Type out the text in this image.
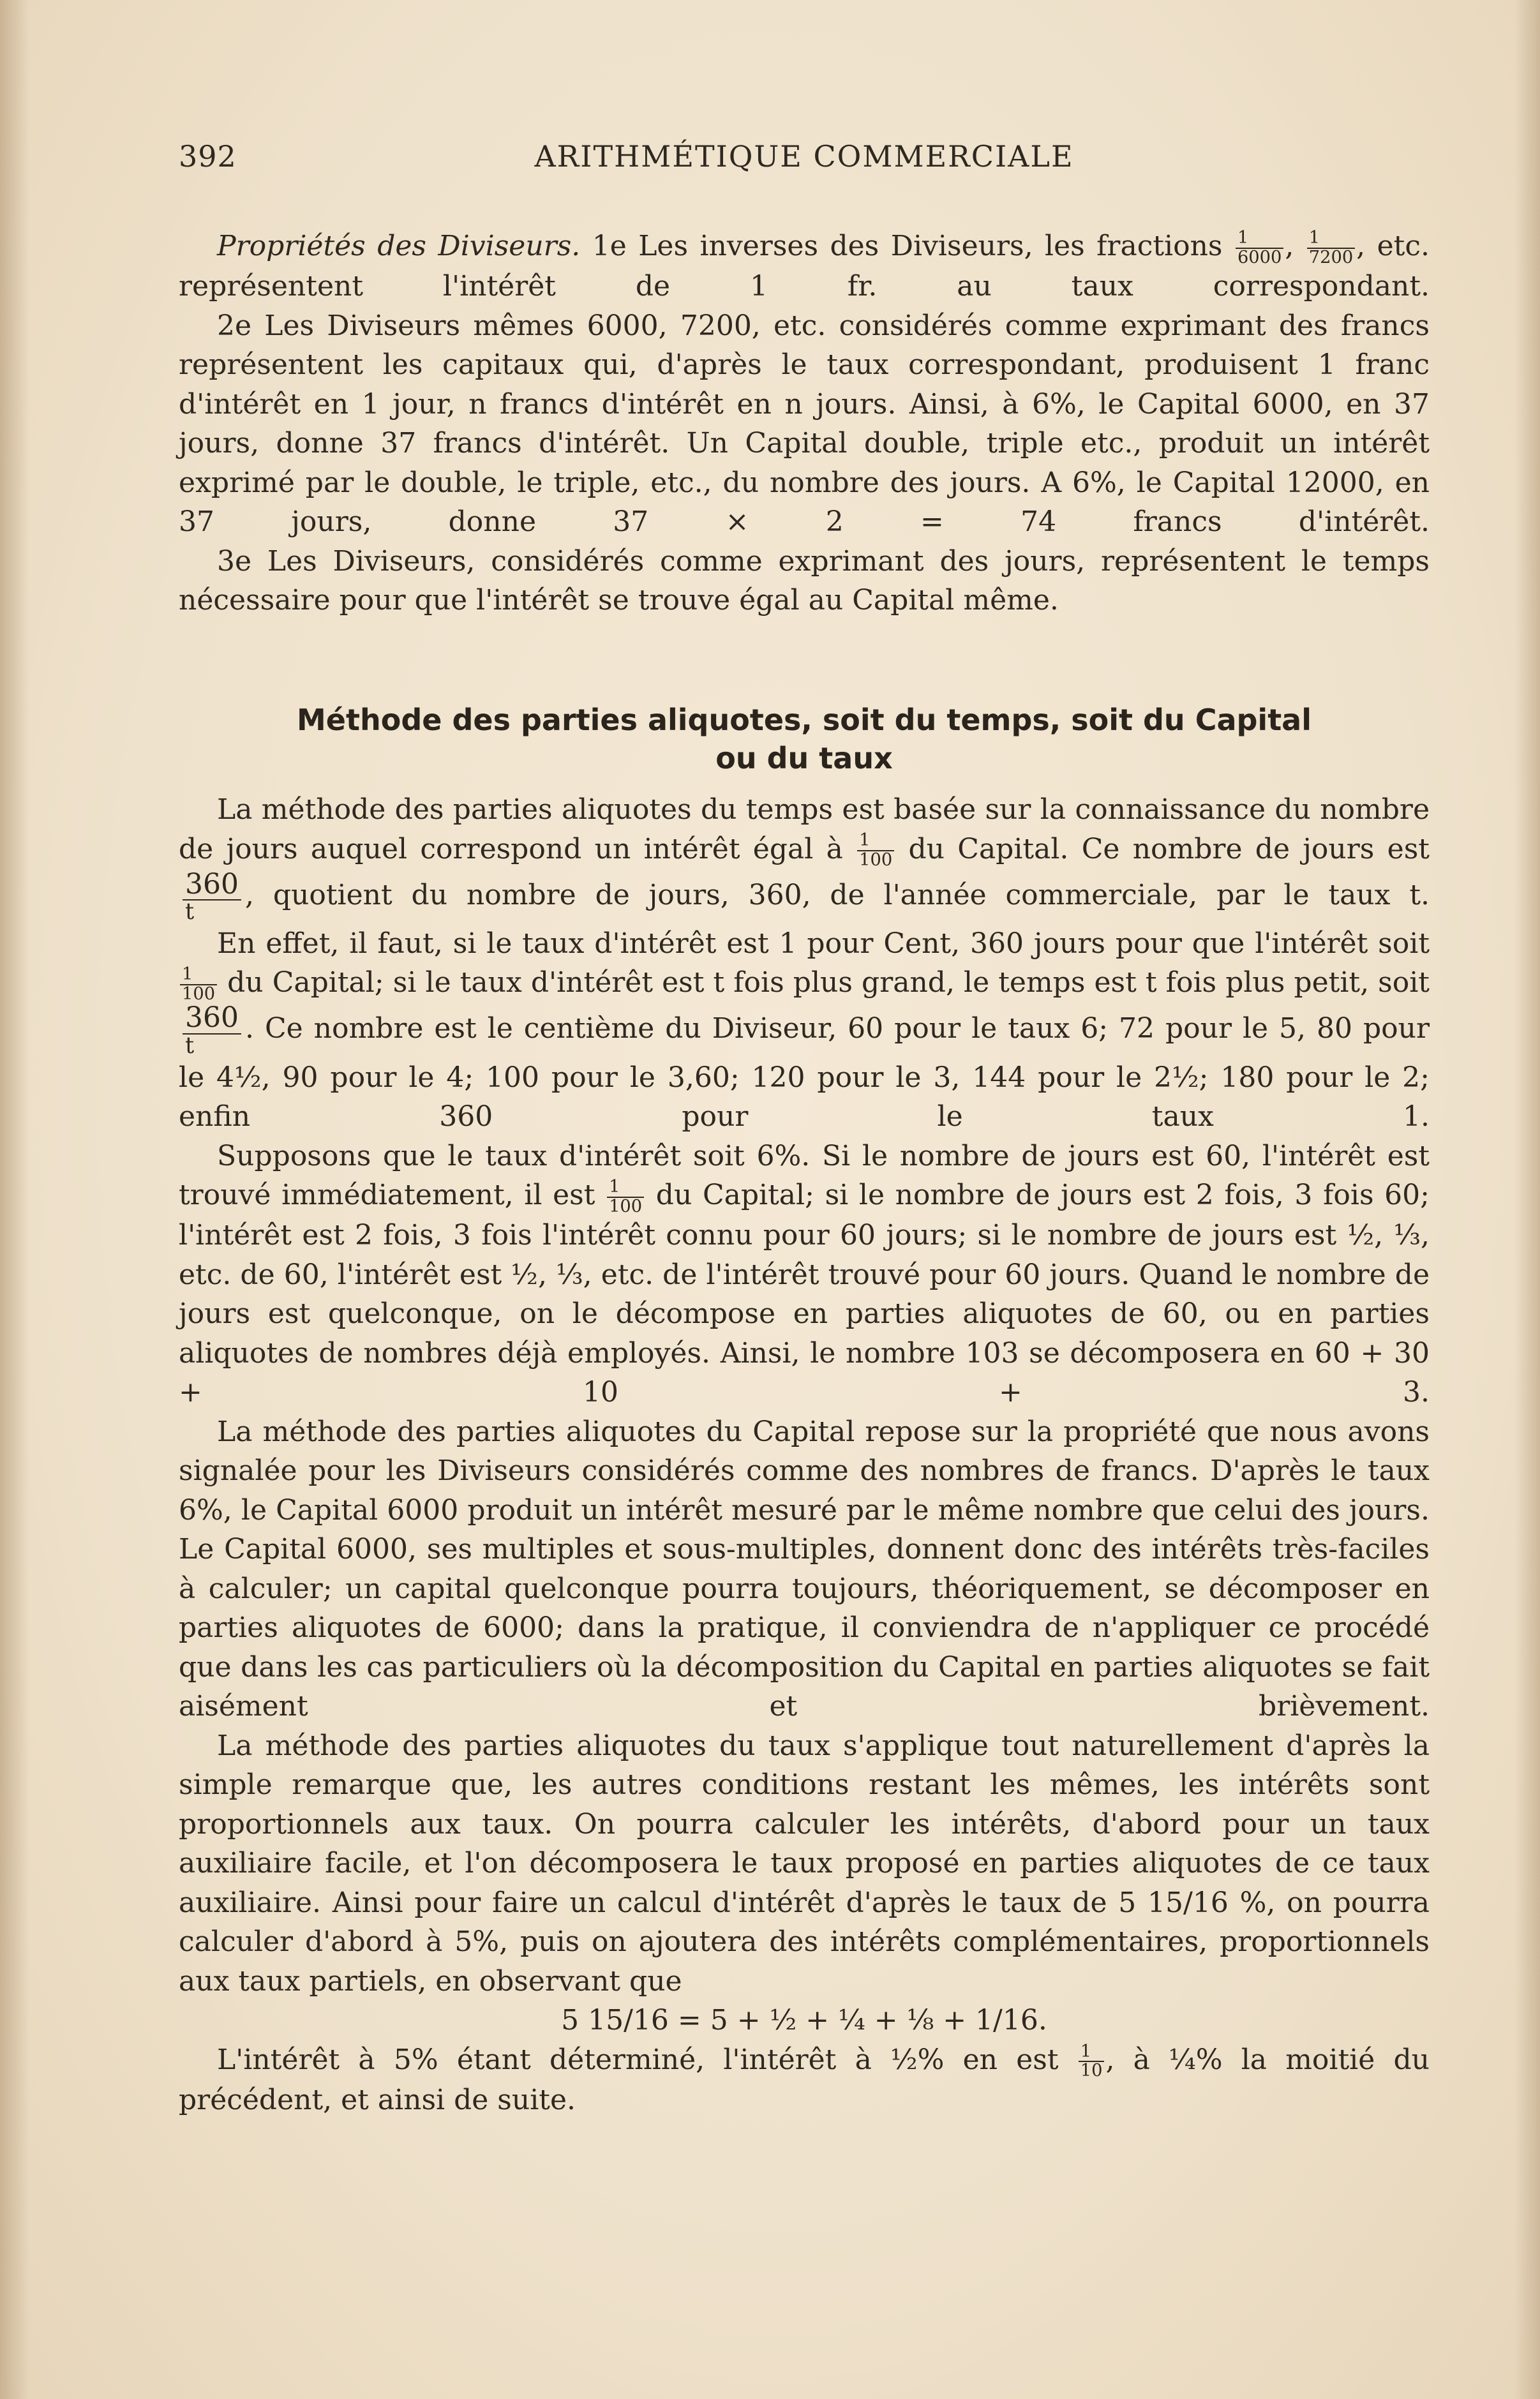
392	ARITHMÉTIQUE COMMERCIALE

Propriétés des Diviseurs. 1e Les inverses des Diviseurs, les fractions $\frac{1}{6000}$ , $\frac{1}{7200}$ , etc. représentent l'intérêt de 1 fr. au taux correspondant.

2e Les Diviseurs mêmes 6000, 7200, etc. considérés comme exprimant des francs représentent les capitaux qui, d'après le taux correspondant, produisent 1 franc d'intérêt en 1 jour, n francs d'intérêt en n jours. Ainsi, à 6%, le Capital 6000, en 37 jours, donne 37 francs d'intérêt. Un Capital double, triple etc., produit un intérêt exprimé par le double, le triple, etc., du nombre des jours. A 6%, le Capital 12000, en 37 jours, donne 37 × 2 = 74 francs d'intérêt.

3e Les Diviseurs, considérés comme exprimant des jours, représentent le temps nécessaire pour que l'intérêt se trouve égal au Capital même.

Méthode des parties aliquotes, soit du temps, soit du Capital

ou du taux

La méthode des parties aliquotes du temps est basée sur la connaissance du nombre de jours auquel correspond un intérêt égal à $\frac{1}{100}$ du Capital. Ce nombre de jours est
$\frac{360}{t}$ , quotient du nombre de jours, 360, de l'année commerciale, par le taux t.

En effet, il faut, si le taux d'intérêt est 1 pour Cent, 360 jours pour que l'intérêt soit
$\frac{1}{100}$ du Capital; si le taux d'intérêt est t fois plus grand, le temps est t fois plus petit, soit
$\frac{360}{t}$ . Ce nombre est le centième du Diviseur, 60 pour le taux 6; 72 pour le 5, 80 pour le 4½, 90 pour le 4; 100 pour le 3,60; 120 pour le 3, 144 pour le 2½; 180 pour le 2; enfin 360 pour le taux 1.

Supposons que le taux d'intérêt soit 6%. Si le nombre de jours est 60, l'intérêt est trouvé immédiatement, il est $\frac{1}{100}$ du Capital; si le nombre de jours est 2 fois, 3 fois 60; l'intérêt est 2 fois, 3 fois l'intérêt connu pour 60 jours; si le nombre de jours est ½, ⅓, etc. de 60, l'intérêt est ½, ⅓, etc. de l'intérêt trouvé pour 60 jours. Quand le nombre de jours est quelconque, on le décompose en parties aliquotes de 60, ou en parties aliquotes de nombres déjà employés. Ainsi, le nombre 103 se décomposera en 60 + 30 + 10 + 3.

La méthode des parties aliquotes du Capital repose sur la propriété que nous avons signalée pour les Diviseurs considérés comme des nombres de francs. D'après le taux 6%, le Capital 6000 produit un intérêt mesuré par le même nombre que celui des jours. Le Capital 6000, ses multiples et sous-multiples, donnent donc des intérêts très-faciles à calculer; un capital quelconque pourra toujours, théoriquement, se décomposer en parties aliquotes de 6000; dans la pratique, il conviendra de n'appliquer ce procédé que dans les cas particuliers où la décomposition du Capital en parties aliquotes se fait aisément et brièvement.

La méthode des parties aliquotes du taux s'applique tout naturellement d'après la simple remarque que, les autres conditions restant les mêmes, les intérêts sont proportionnels aux taux. On pourra calculer les intérêts, d'abord pour un taux auxiliaire facile, et l'on décomposera le taux proposé en parties aliquotes de ce taux auxiliaire. Ainsi pour faire un calcul d'intérêt d'après le taux de 5 15/16 %, on pourra calculer d'abord à 5%, puis on ajoutera des intérêts complémentaires, proportionnels aux taux partiels, en observant que

5 15/16 = 5 + ½ + ¼ + ⅛ + 1/16.

L'intérêt à 5% étant déterminé, l'intérêt à ½% en est $\frac{1}{10}$ , à ¼% la moitié du précédent, et ainsi de suite.
